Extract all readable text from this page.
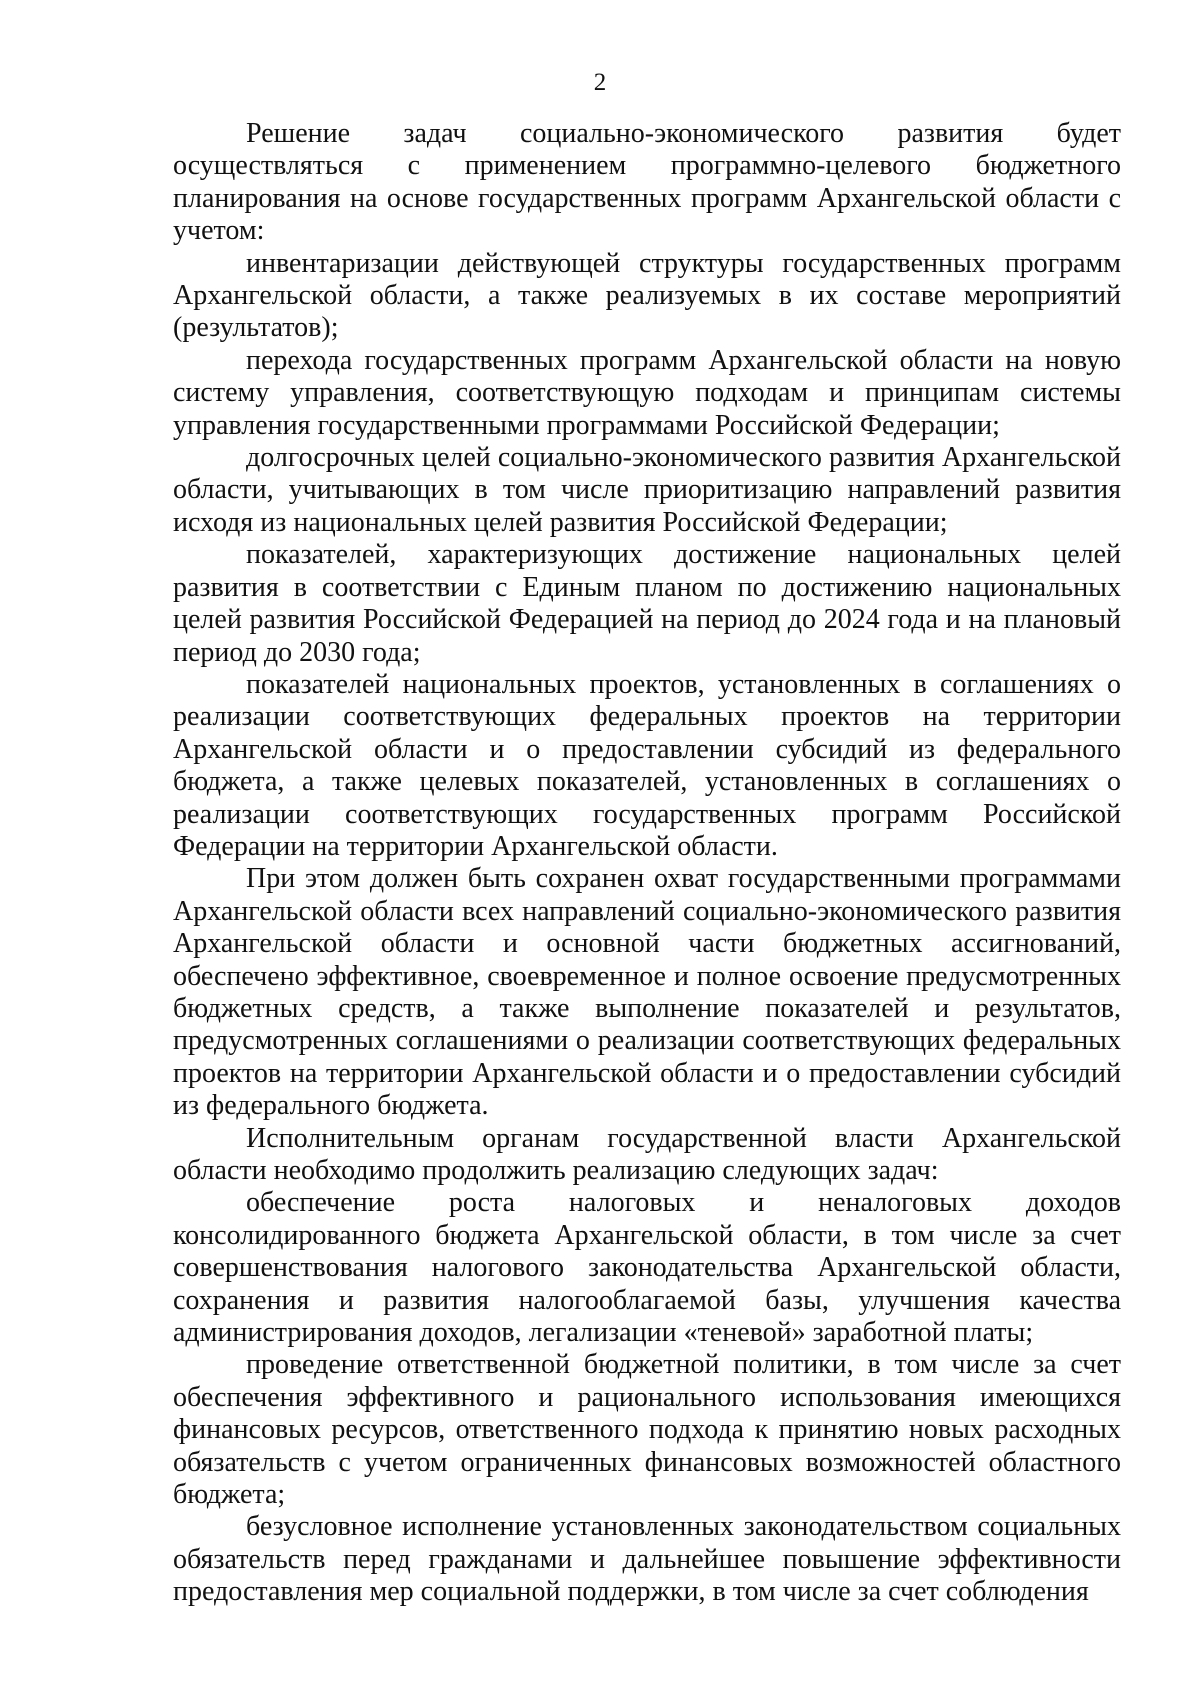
2

Решение задач социально-экономического развития будет осуществляться с применением программно-целевого бюджетного планирования на основе государственных программ Архангельской области с учетом:

инвентаризации действующей структуры государственных программ Архангельской области, а также реализуемых в их составе мероприятий (результатов);

перехода государственных программ Архангельской области на новую систему управления, соответствующую подходам и принципам системы управления государственными программами Российской Федерации;

долгосрочных целей социально-экономического развития Архангельской области, учитывающих в том числе приоритизацию направлений развития исходя из национальных целей развития Российской Федерации;

показателей, характеризующих достижение национальных целей развития в соответствии с Единым планом по достижению национальных целей развития Российской Федерацией на период до 2024 года и на плановый период до 2030 года;

показателей национальных проектов, установленных в соглашениях о реализации соответствующих федеральных проектов на территории Архангельской области и о предоставлении субсидий из федерального бюджета, а также целевых показателей, установленных в соглашениях о реализации соответствующих государственных программ Российской Федерации на территории Архангельской области.

При этом должен быть сохранен охват государственными программами Архангельской области всех направлений социально-экономического развития Архангельской области и основной части бюджетных ассигнований, обеспечено эффективное, своевременное и полное освоение предусмотренных бюджетных средств, а также выполнение показателей и результатов, предусмотренных соглашениями о реализации соответствующих федеральных проектов на территории Архангельской области и о предоставлении субсидий из федерального бюджета.

Исполнительным органам государственной власти Архангельской области необходимо продолжить реализацию следующих задач:

обеспечение роста налоговых и неналоговых доходов консолидированного бюджета Архангельской области, в том числе за счет совершенствования налогового законодательства Архангельской области, сохранения и развития налогооблагаемой базы, улучшения качества администрирования доходов, легализации «теневой» заработной платы;

проведение ответственной бюджетной политики, в том числе за счет обеспечения эффективного и рационального использования имеющихся финансовых ресурсов, ответственного подхода к принятию новых расходных обязательств с учетом ограниченных финансовых возможностей областного бюджета;

безусловное исполнение установленных законодательством социальных обязательств перед гражданами и дальнейшее повышение эффективности предоставления мер социальной поддержки, в том числе за счет соблюдения
